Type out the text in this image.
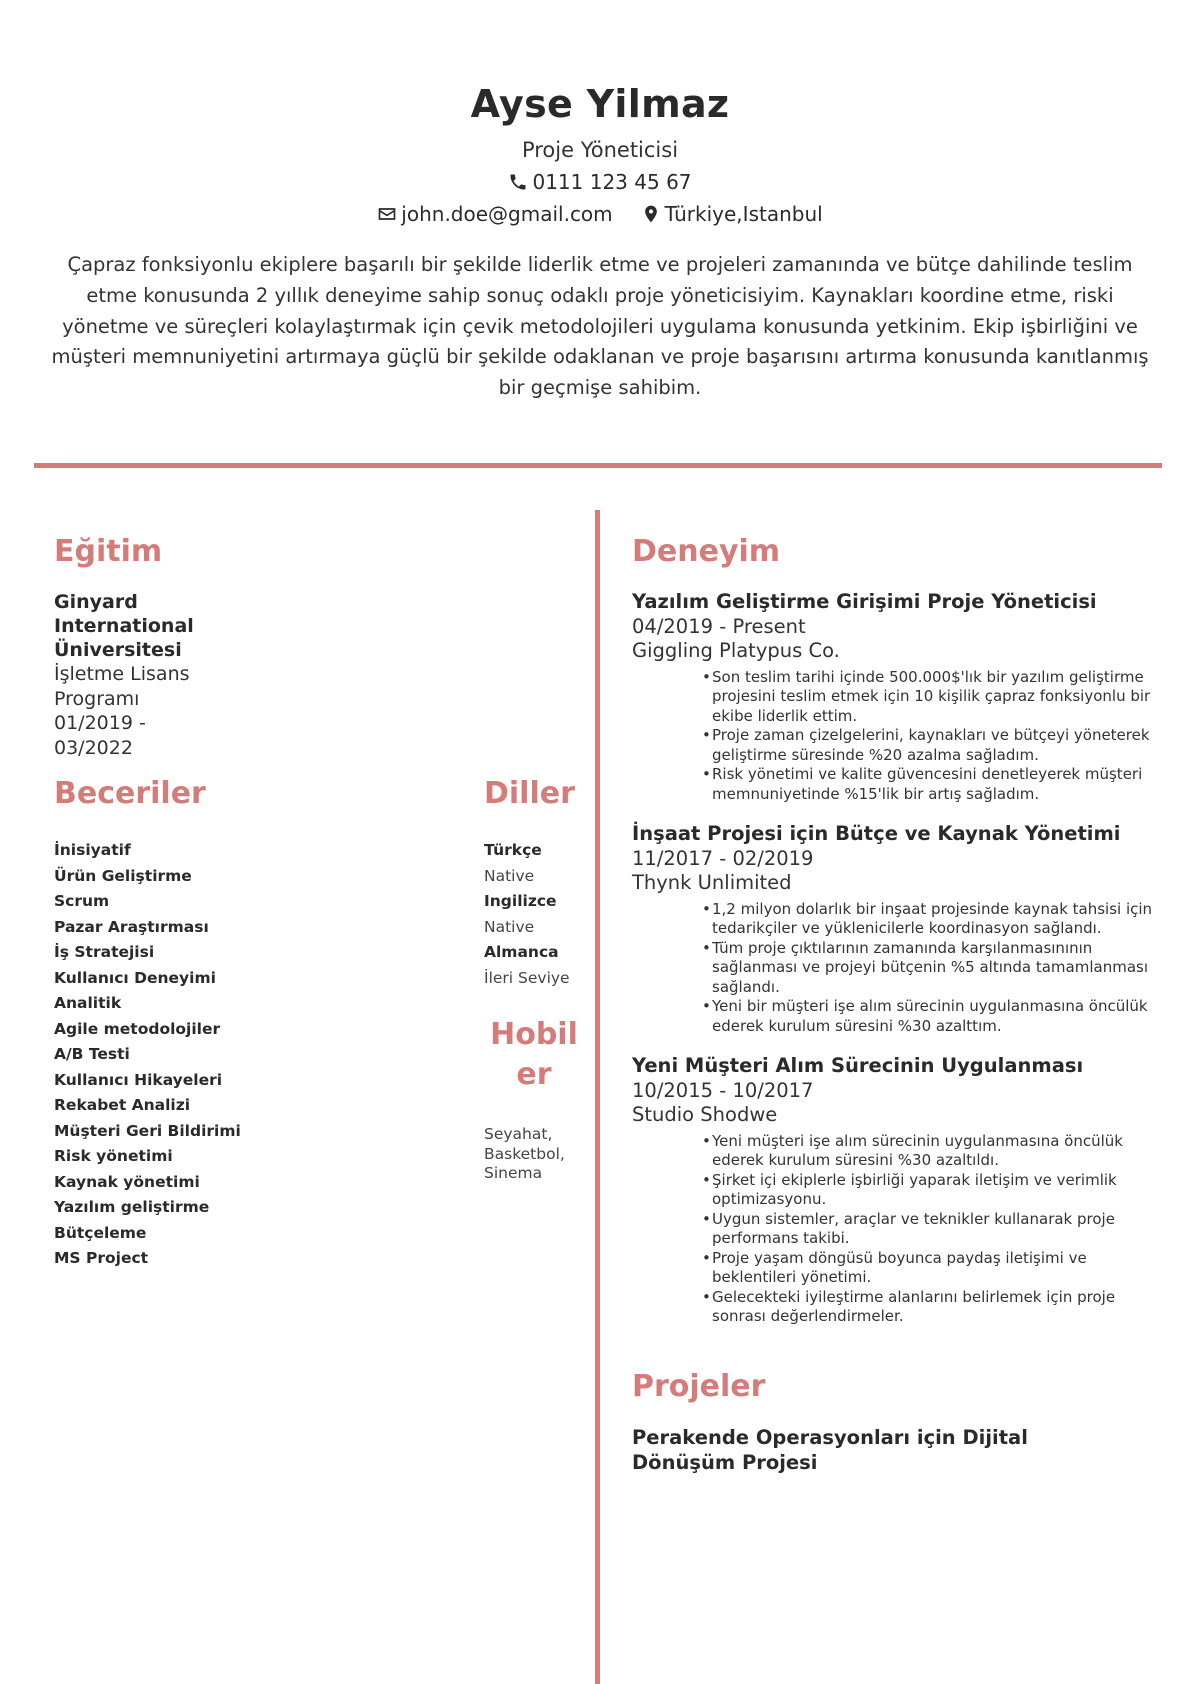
Ayse Yilmaz
Proje Yöneticisi
0111 123 45 67
john.doe@gmail.com	Türkiye,Istanbul

Çapraz fonksiyonlu ekiplere başarılı bir şekilde liderlik etme ve projeleri zamanında ve bütçe dahilinde teslim etme konusunda 2 yıllık deneyime sahip sonuç odaklı proje yöneticisiyim. Kaynakları koordine etme, riski yönetme ve süreçleri kolaylaştırmak için çevik metodolojileri uygulama konusunda yetkinim. Ekip işbirliğini ve müşteri memnuniyetini artırmaya güçlü bir şekilde odaklanan ve proje başarısını artırma konusunda kanıtlanmış bir geçmişe sahibim.

Eğitim
Ginyard
International
Üniversitesi
İşletme Lisans
Programı
01/2019 -
03/2022
Beceriler
İnisiyatif
Ürün Geliştirme
Scrum
Pazar Araştırması
İş Stratejisi
Kullanıcı Deneyimi
Analitik
Agile metodolojiler
A/B Testi
Kullanıcı Hikayeleri
Rekabet Analizi
Müşteri Geri Bildirimi
Risk yönetimi
Kaynak yönetimi
Yazılım geliştirme
Bütçeleme
MS Project
Diller
Türkçe
Native
Ingilizce
Native
Almanca
İleri Seviye
Hobil
er
Seyahat,
Basketbol,
Sinema
Deneyim
Yazılım Geliştirme Girişimi Proje Yöneticisi
04/2019 - Present
Giggling Platypus Co.
• Son teslim tarihi içinde 500.000$'lık bir yazılım geliştirme projesini teslim etmek için 10 kişilik çapraz fonksiyonlu bir ekibe liderlik ettim.
• Proje zaman çizelgelerini, kaynakları ve bütçeyi yöneterek geliştirme süresinde %20 azalma sağladım.
• Risk yönetimi ve kalite güvencesini denetleyerek müşteri memnuniyetinde %15'lik bir artış sağladım.
İnşaat Projesi için Bütçe ve Kaynak Yönetimi
11/2017 - 02/2019
Thynk Unlimited
• 1,2 milyon dolarlık bir inşaat projesinde kaynak tahsisi için tedarikçiler ve yüklenicilerle koordinasyon sağlandı.
• Tüm proje çıktılarının zamanında karşılanmasınının sağlanması ve projeyi bütçenin %5 altında tamamlanması sağlandı.
• Yeni bir müşteri işe alım sürecinin uygulanmasına öncülük ederek kurulum süresini %30 azalttım.
Yeni Müşteri Alım Sürecinin Uygulanması
10/2015 - 10/2017
Studio Shodwe
• Yeni müşteri işe alım sürecinin uygulanmasına öncülük ederek kurulum süresini %30 azaltıldı.
• Şirket içi ekiplerle işbirliği yaparak iletişim ve verimlik optimizasyonu.
• Uygun sistemler, araçlar ve teknikler kullanarak proje performans takibi.
• Proje yaşam döngüsü boyunca paydaş iletişimi ve beklentileri yönetimi.
• Gelecekteki iyileştirme alanlarını belirlemek için proje sonrası değerlendirmeler.
Projeler
Perakende Operasyonları için Dijital Dönüşüm Projesi
